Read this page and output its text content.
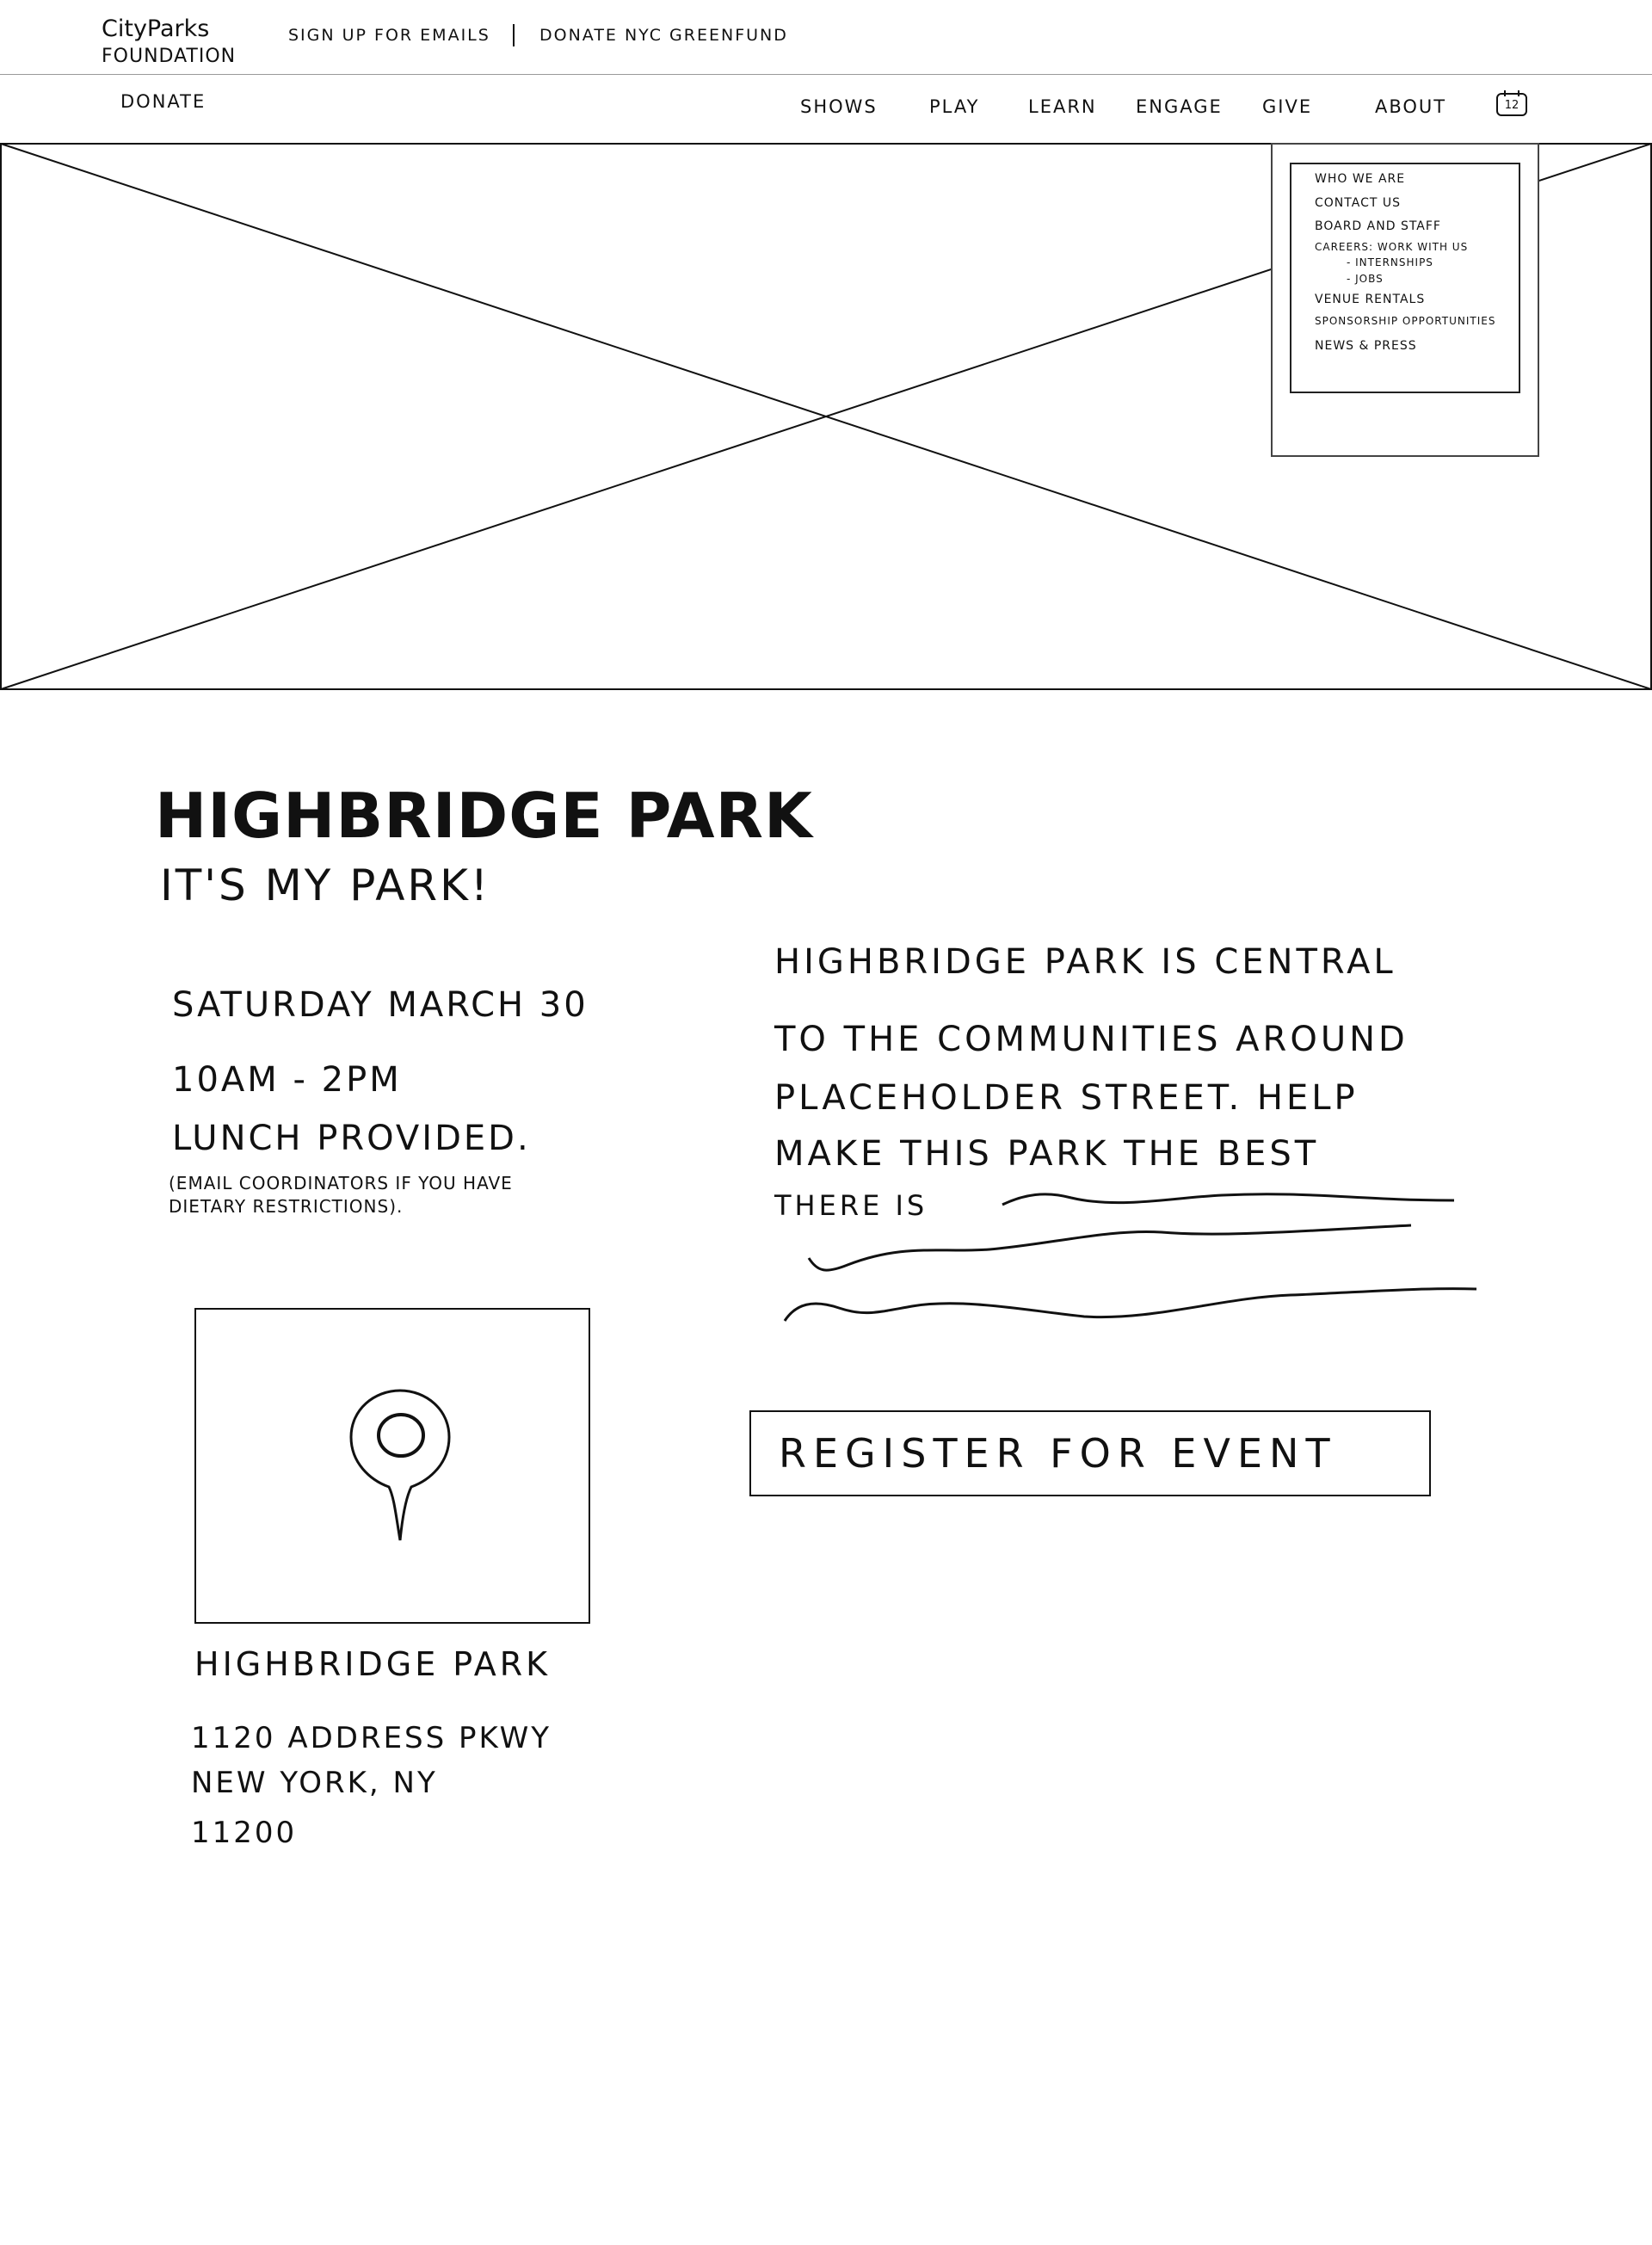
CityParks
FOUNDATION
SIGN UP FOR EMAILS	DONATE NYC GREENFUND
DONATE	SHOWS	PLAY	LEARN ENGAGE GIVE	ABOUT	12
WHO WE ARE
CONTACT US
BOARD AND STAFF
CAREERS: WORK WITH US
- INTERNSHIPS
- JOBS
VENUE RENTALS
SPONSORSHIP OPPORTUNITIES
NEWS & PRESS
HIGHBRIDGE PARK
IT'S MY PARK!
SATURDAY MARCH 30
10AM - 2PM
LUNCH PROVIDED.
(EMAIL COORDINATORS IF YOU HAVE
DIETARY RESTRICTIONS).
HIGHBRIDGE PARK IS CENTRAL
TO THE COMMUNITIES AROUND
PLACEHOLDER STREET. HELP
MAKE THIS PARK THE BEST
THERE IS
REGISTER FOR EVENT
HIGHBRIDGE PARK
1120 ADDRESS PKWY
NEW YORK, NY
11200
